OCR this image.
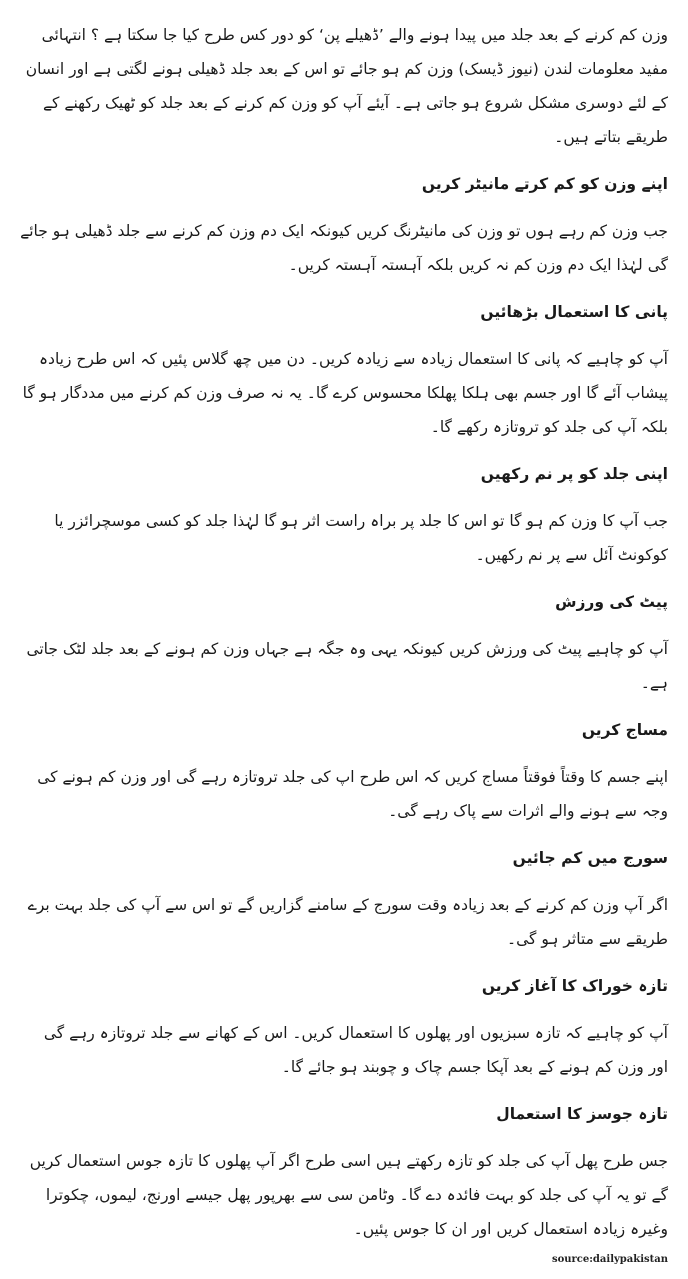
وزن کم کرنے کے بعد جلد میں پیدا ہونے والے ’ڈھیلے پن‘ کو دور کس طرح کیا جا سکتا ہے ؟ انتہائی مفید معلومات لندن (نیوز ڈیسک) وزن کم ہو جائے تو اس کے بعد جلد ڈھیلی ہونے لگتی ہے اور انسان کے لئے دوسری مشکل شروع ہو جاتی ہے۔ آیئے آپ کو وزن کم کرنے کے بعد جلد کو ٹھیک رکھنے کے طریقے بتاتے ہیں۔

اپنے وزن کو کم کرتے مانیٹر کریں

جب وزن کم رہے ہوں تو وزن کی مانیٹرنگ کریں کیونکہ ایک دم وزن کم کرنے سے جلد ڈھیلی ہو جائے گی لہٰذا ایک دم وزن کم نہ کریں بلکہ آہستہ آہستہ کریں۔

پانی کا استعمال بڑھائیں

آپ کو چاہیے کہ پانی کا استعمال زیادہ سے زیادہ کریں۔ دن میں چھ گلاس پئیں کہ اس طرح زیادہ پیشاب آئے گا اور جسم بھی ہلکا پھلکا محسوس کرے گا۔ یہ نہ صرف وزن کم کرنے میں مددگار ہو گا بلکہ آپ کی جلد کو تروتازہ رکھے گا۔

اپنی جلد کو پر نم رکھیں

جب آپ کا وزن کم ہو گا تو اس کا جلد پر براہ راست اثر ہو گا لہٰذا جلد کو کسی موسچرائزر یا کوکونٹ آئل سے پر نم رکھیں۔

پیٹ کی ورزش

آپ کو چاہیے پیٹ کی ورزش کریں کیونکہ یہی وہ جگہ ہے جہاں وزن کم ہونے کے بعد جلد لٹک جاتی ہے۔

مساج کریں

اپنے جسم کا وقتاً فوقتاً مساج کریں کہ اس طرح اپ کی جلد تروتازہ رہے گی اور وزن کم ہونے کی وجہ سے ہونے والے اثرات سے پاک رہے گی۔

سورج میں کم جائیں

اگر آپ وزن کم کرنے کے بعد زیادہ وقت سورج کے سامنے گزاریں گے تو اس سے آپ کی جلد بہت برے طریقے سے متاثر ہو گی۔

تازہ خوراک کا آغاز کریں

آپ کو چاہیے کہ تازہ سبزیوں اور پھلوں کا استعمال کریں۔ اس کے کھانے سے جلد تروتازہ رہے گی اور وزن کم ہونے کے بعد آپکا جسم چاک و چوبند ہو جائے گا۔

تازہ جوسز کا استعمال

جس طرح پھل آپ کی جلد کو تازہ رکھتے ہیں اسی طرح اگر آپ پھلوں کا تازہ جوس استعمال کریں گے تو یہ آپ کی جلد کو بہت فائدہ دے گا۔ وٹامن سی سے بھرپور پھل جیسے اورنج، لیموں، چکوترا وغیرہ زیادہ استعمال کریں اور ان کا جوس پئیں۔

source:dailypakistan
